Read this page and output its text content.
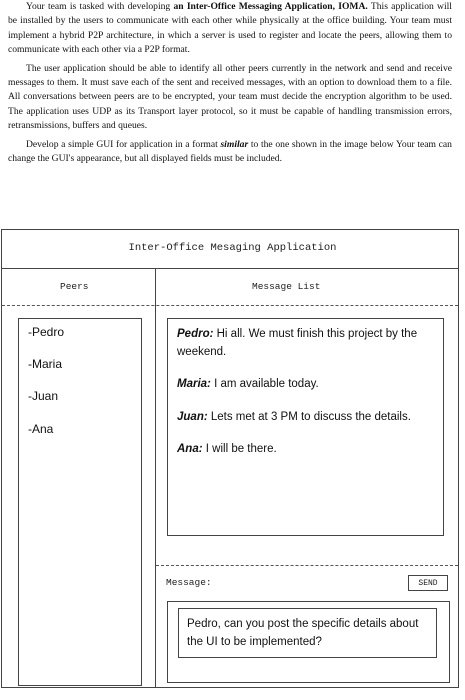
Your team is tasked with developing an Inter-Office Messaging Application, IOMA. This application will be installed by the users to communicate with each other while physically at the office building. Your team must implement a hybrid P2P architecture, in which a server is used to register and locate the peers, allowing them to communicate with each other via a P2P format.

The user application should be able to identify all other peers currently in the network and send and receive messages to them. It must save each of the sent and received messages, with an option to download them to a file. All conversations between peers are to be encrypted, your team must decide the encryption algorithm to be used. The application uses UDP as its Transport layer protocol, so it must be capable of handling transmission errors, retransmissions, buffers and queues.

Develop a simple GUI for application in a format similar to the one shown in the image below Your team can change the GUI's appearance, but all displayed fields must be included.

Inter-Office Mesaging Application
Peers	Message List
-Pedro
-Maria
-Juan
-Ana
Pedro: Hi all. We must finish this project by the weekend.
Maria: I am available today.
Juan: Lets met at 3 PM to discuss the details.
Ana: I will be there.
Message:	SEND
Pedro, can you post the specific details about the UI to be implemented?
